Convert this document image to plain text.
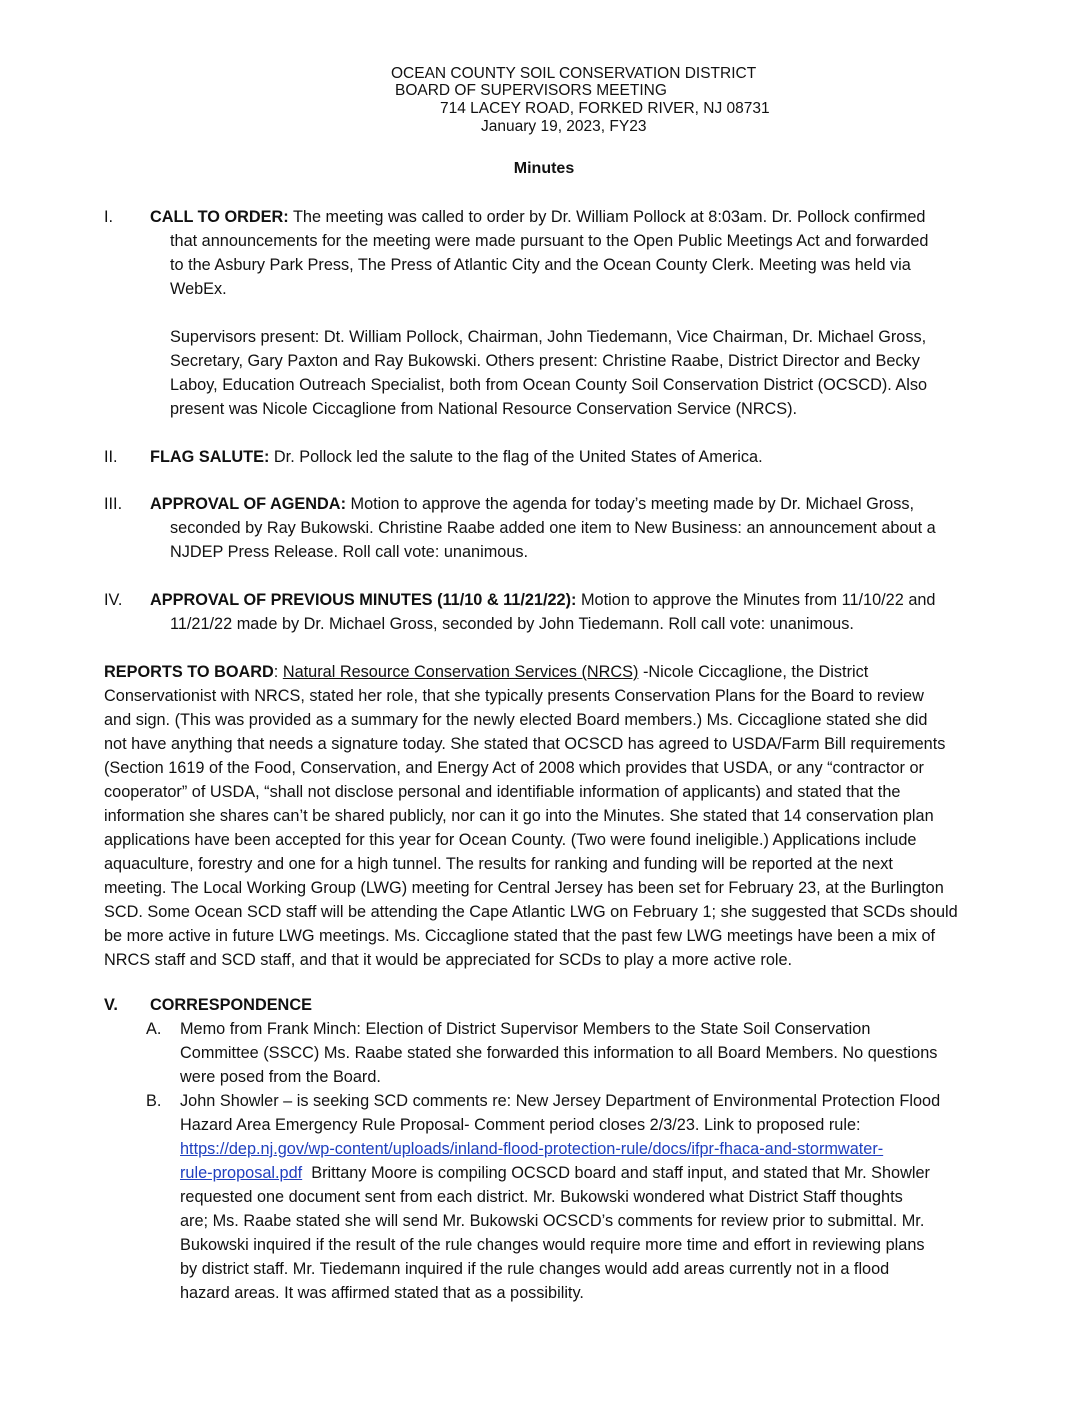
OCEAN COUNTY SOIL CONSERVATION DISTRICT
BOARD OF SUPERVISORS MEETING
714 LACEY ROAD, FORKED RIVER, NJ 08731
January 19, 2023, FY23
Minutes
I.	CALL TO ORDER: The meeting was called to order by Dr. William Pollock at 8:03am. Dr. Pollock confirmed
that announcements for the meeting were made pursuant to the Open Public Meetings Act and forwarded
to the Asbury Park Press, The Press of Atlantic City and the Ocean County Clerk. Meeting was held via
WebEx.
Supervisors present: Dt. William Pollock, Chairman, John Tiedemann, Vice Chairman, Dr. Michael Gross,
Secretary, Gary Paxton and Ray Bukowski. Others present: Christine Raabe, District Director and Becky
Laboy, Education Outreach Specialist, both from Ocean County Soil Conservation District (OCSCD). Also
present was Nicole Ciccaglione from National Resource Conservation Service (NRCS).
II.	FLAG SALUTE: Dr. Pollock led the salute to the flag of the United States of America.
III.	APPROVAL OF AGENDA: Motion to approve the agenda for today’s meeting made by Dr. Michael Gross,
seconded by Ray Bukowski. Christine Raabe added one item to New Business: an announcement about a
NJDEP Press Release. Roll call vote: unanimous.
IV.	APPROVAL OF PREVIOUS MINUTES (11/10 & 11/21/22): Motion to approve the Minutes from 11/10/22 and
11/21/22 made by Dr. Michael Gross, seconded by John Tiedemann. Roll call vote: unanimous.
REPORTS TO BOARD: Natural Resource Conservation Services (NRCS) -Nicole Ciccaglione, the District
Conservationist with NRCS, stated her role, that she typically presents Conservation Plans for the Board to review
and sign. (This was provided as a summary for the newly elected Board members.) Ms. Ciccaglione stated she did
not have anything that needs a signature today. She stated that OCSCD has agreed to USDA/Farm Bill requirements
(Section 1619 of the Food, Conservation, and Energy Act of 2008 which provides that USDA, or any “contractor or
cooperator” of USDA, “shall not disclose personal and identifiable information of applicants) and stated that the
information she shares can’t be shared publicly, nor can it go into the Minutes. She stated that 14 conservation plan
applications have been accepted for this year for Ocean County. (Two were found ineligible.) Applications include
aquaculture, forestry and one for a high tunnel. The results for ranking and funding will be reported at the next
meeting. The Local Working Group (LWG) meeting for Central Jersey has been set for February 23, at the Burlington
SCD. Some Ocean SCD staff will be attending the Cape Atlantic LWG on February 1; she suggested that SCDs should
be more active in future LWG meetings. Ms. Ciccaglione stated that the past few LWG meetings have been a mix of
NRCS staff and SCD staff, and that it would be appreciated for SCDs to play a more active role.
V.	CORRESPONDENCE
A. Memo from Frank Minch: Election of District Supervisor Members to the State Soil Conservation
Committee (SSCC) Ms. Raabe stated she forwarded this information to all Board Members. No questions
were posed from the Board.
B. John Showler – is seeking SCD comments re: New Jersey Department of Environmental Protection Flood
Hazard Area Emergency Rule Proposal- Comment period closes 2/3/23. Link to proposed rule:
https://dep.nj.gov/wp-content/uploads/inland-flood-protection-rule/docs/ifpr-fhaca-and-stormwater-
rule-proposal.pdf Brittany Moore is compiling OCSCD board and staff input, and stated that Mr. Showler
requested one document sent from each district. Mr. Bukowski wondered what District Staff thoughts
are; Ms. Raabe stated she will send Mr. Bukowski OCSCD’s comments for review prior to submittal. Mr.
Bukowski inquired if the result of the rule changes would require more time and effort in reviewing plans
by district staff. Mr. Tiedemann inquired if the rule changes would add areas currently not in a flood
hazard areas. It was affirmed stated that as a possibility.
